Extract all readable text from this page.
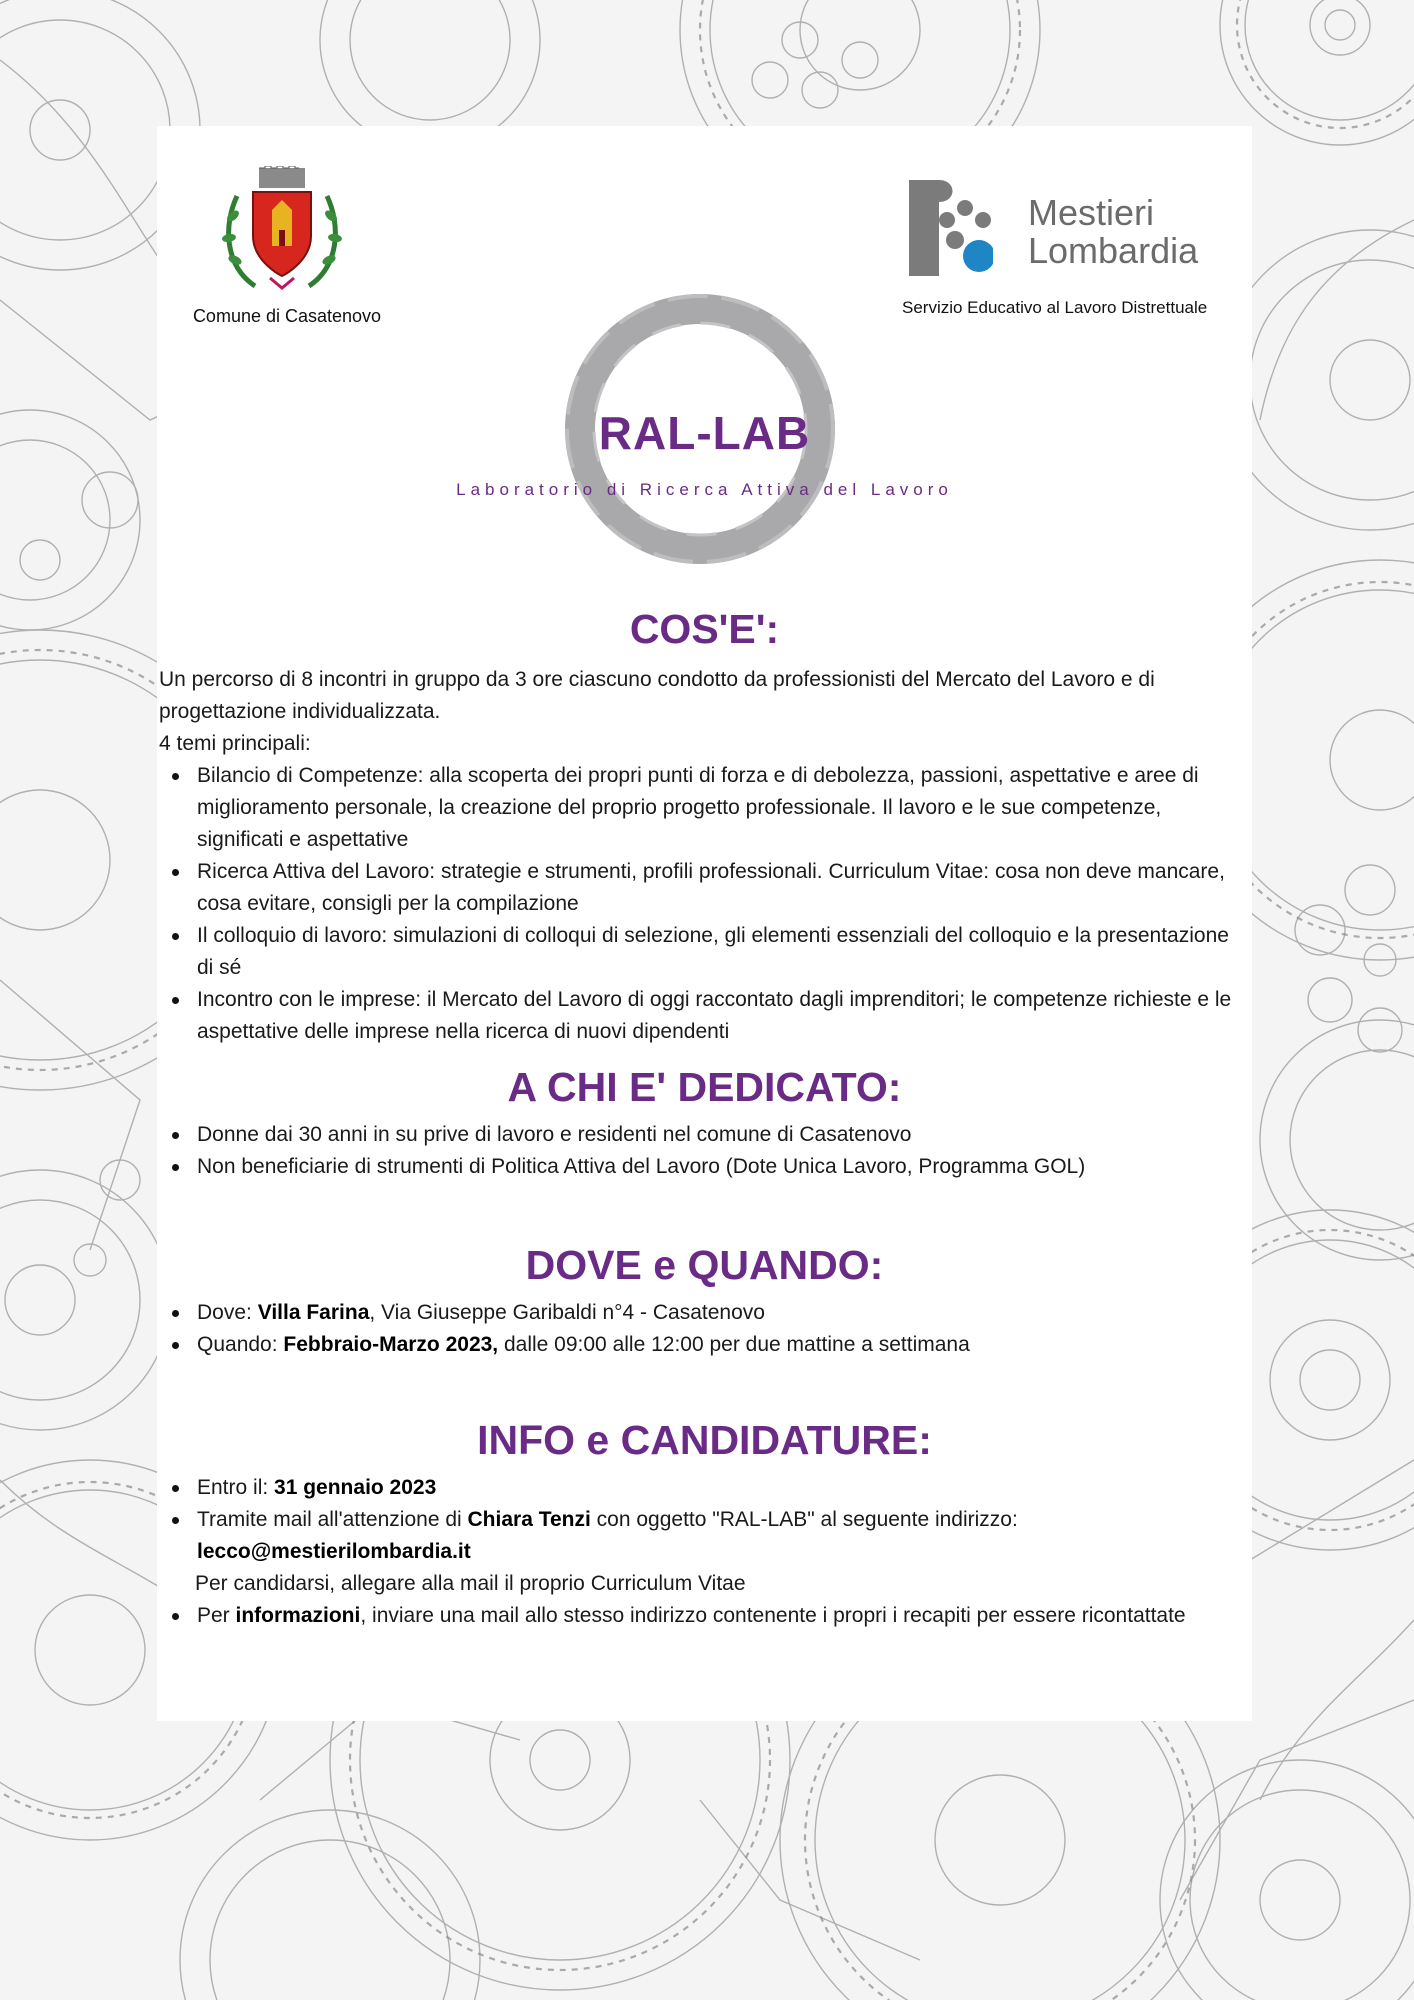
Comune di Casatenovo
Mestieri
Lombardia
Servizio Educativo al Lavoro Distrettuale
RAL-LAB
Laboratorio di Ricerca Attiva del Lavoro
COS'E':

Un percorso di 8 incontri in gruppo da 3 ore ciascuno condotto da professionisti del Mercato del Lavoro e di progettazione individualizzata.

4 temi principali:

Bilancio di Competenze: alla scoperta dei propri punti di forza e di debolezza, passioni, aspettative e aree di miglioramento personale, la creazione del proprio progetto professionale. Il lavoro e le sue competenze, significati e aspettative
Ricerca Attiva del Lavoro: strategie e strumenti, profili professionali. Curriculum Vitae: cosa non deve mancare, cosa evitare, consigli per la compilazione
Il colloquio di lavoro: simulazioni di colloqui di selezione, gli elementi essenziali del colloquio e la presentazione di sé
Incontro con le imprese: il Mercato del Lavoro di oggi raccontato dagli imprenditori; le competenze richieste e le aspettative delle imprese nella ricerca di nuovi dipendenti
A CHI E' DEDICATO:
Donne dai 30 anni in su prive di lavoro e residenti nel comune di Casatenovo
Non beneficiarie di strumenti di Politica Attiva del Lavoro (Dote Unica Lavoro, Programma GOL)
DOVE e QUANDO:
Dove: Villa Farina, Via Giuseppe Garibaldi n°4 - Casatenovo
Quando: Febbraio-Marzo 2023, dalle 09:00 alle 12:00 per due mattine a settimana
INFO e CANDIDATURE:
Entro il: 31 gennaio 2023
Tramite mail all'attenzione di Chiara Tenzi con oggetto "RAL-LAB" al seguente indirizzo:
lecco@mestierilombardia.it
Per candidarsi, allegare alla mail il proprio Curriculum Vitae
Per informazioni, inviare una mail allo stesso indirizzo contenente i propri i recapiti per essere ricontattate
